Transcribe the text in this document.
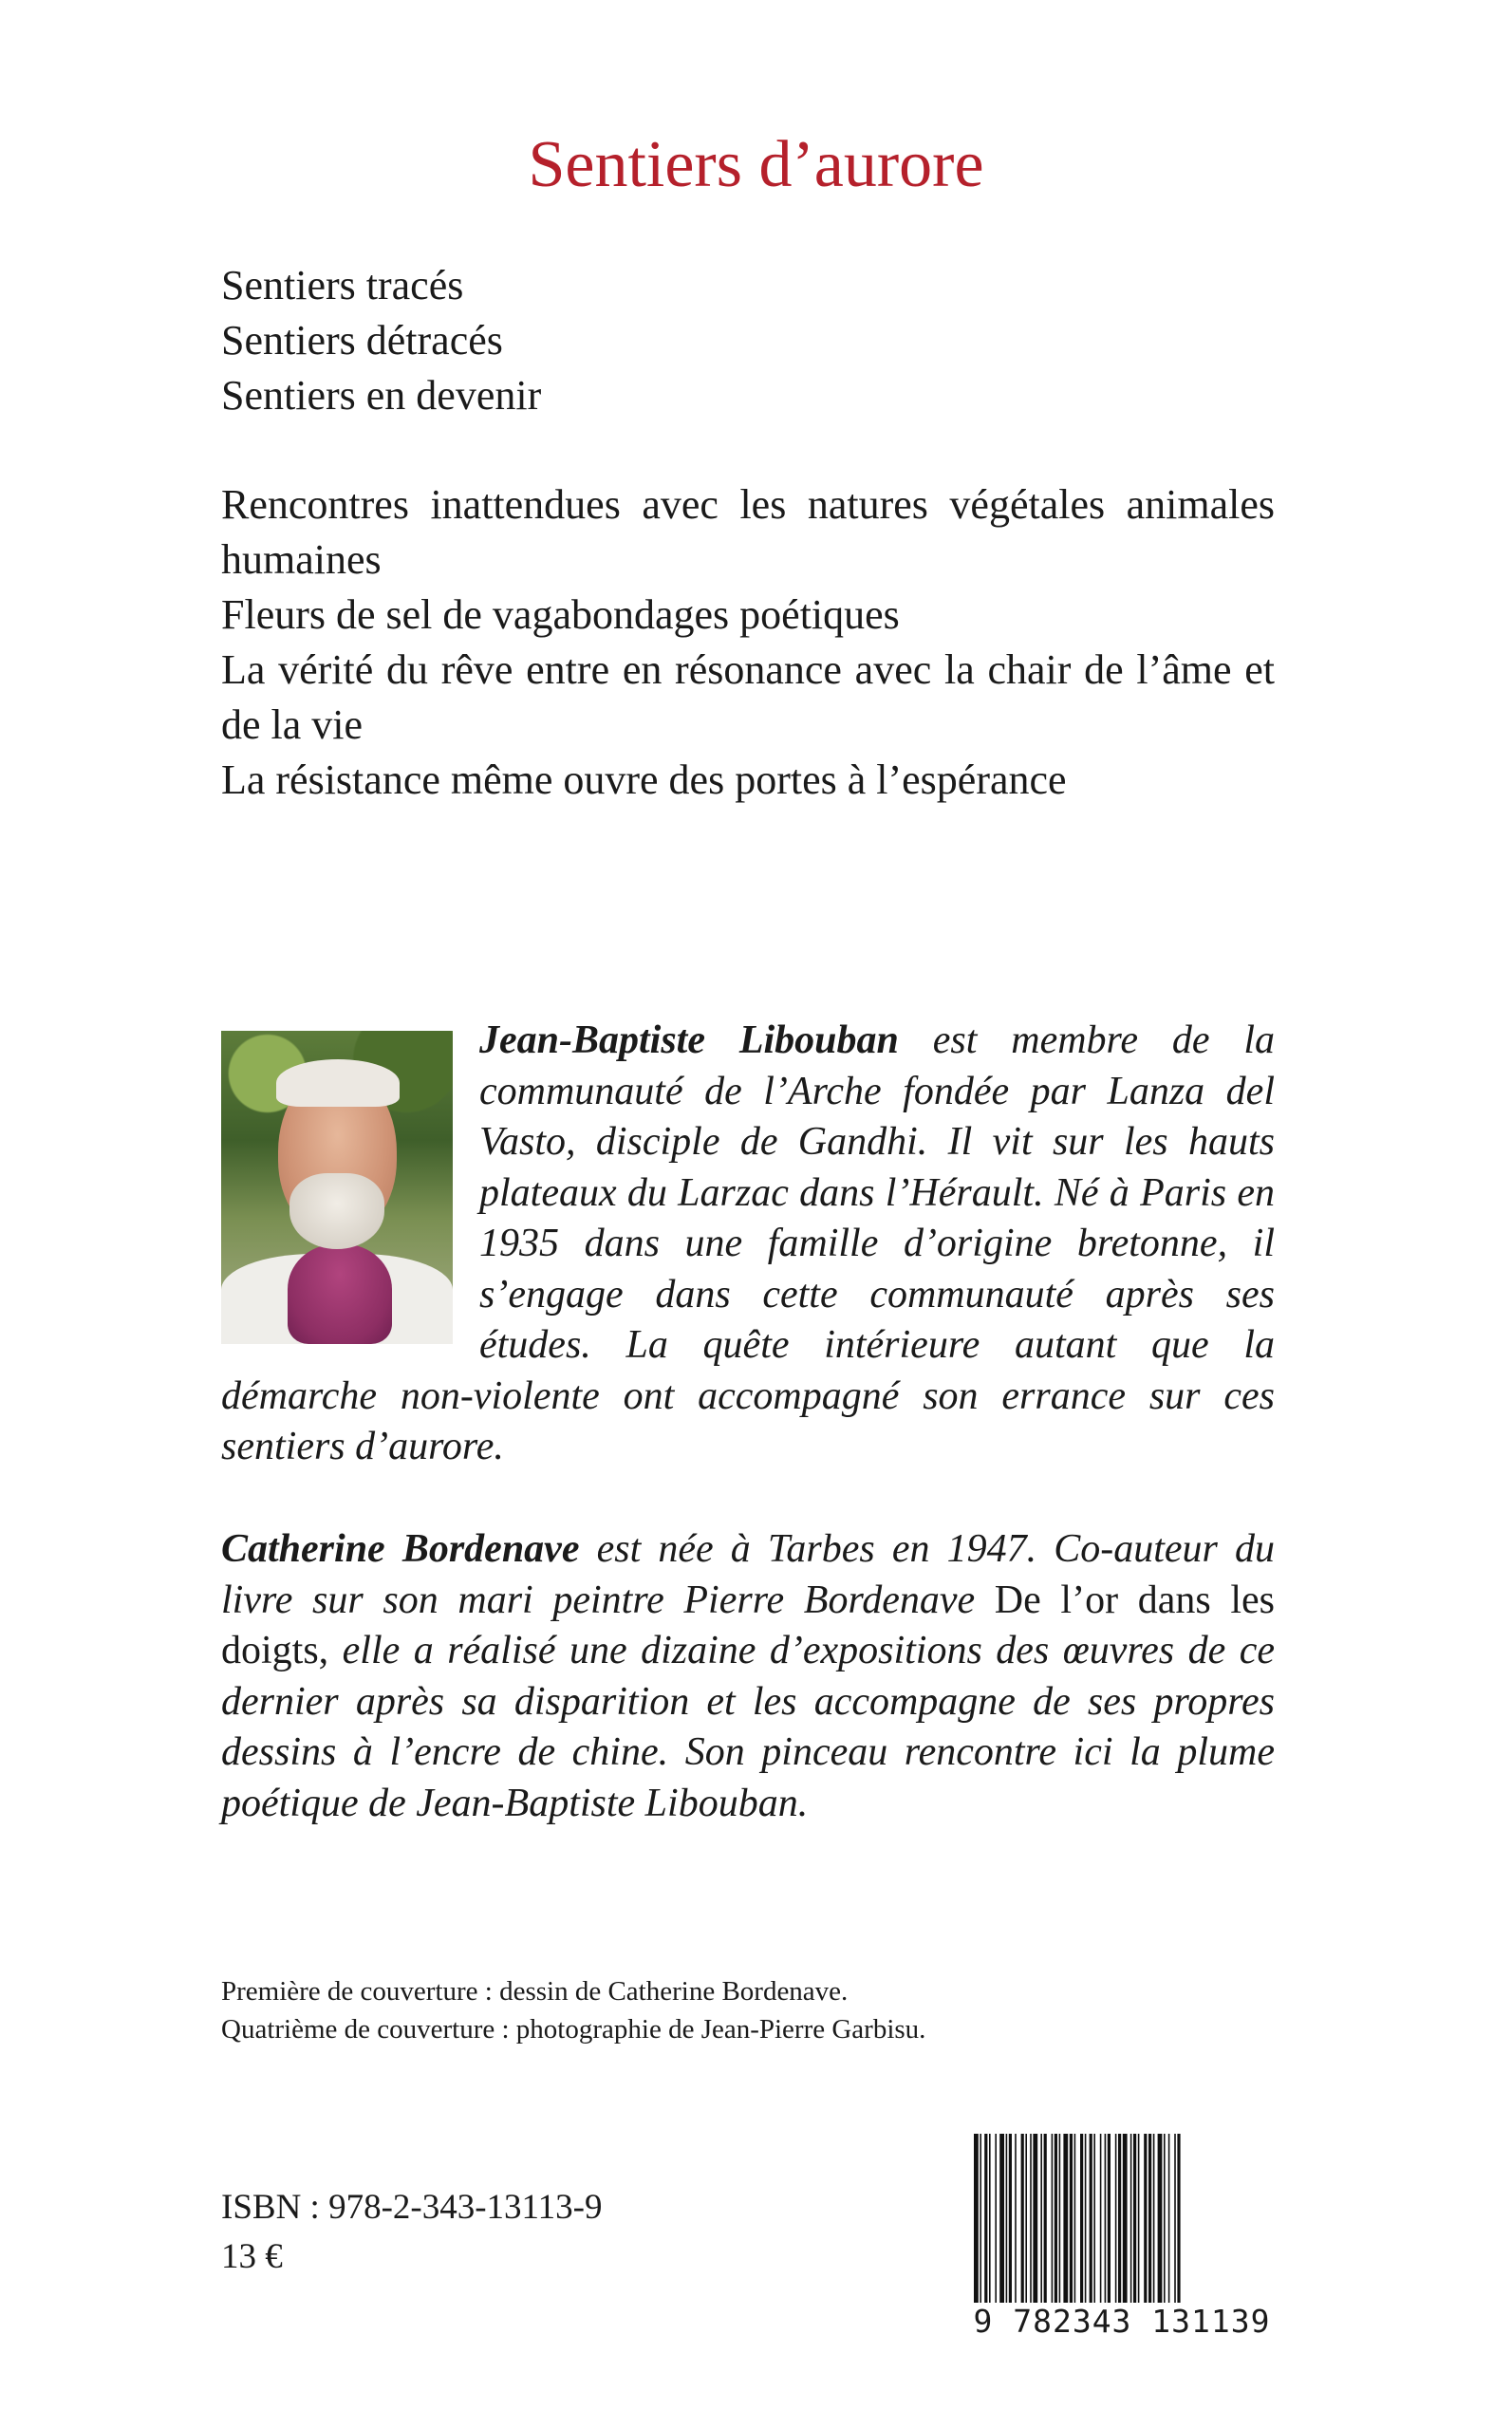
Sentiers d’aurore
Sentiers tracés
Sentiers détracés
Sentiers en devenir
Rencontres inattendues avec les natures végétales animales humaines
Fleurs de sel de vagabondages poétiques
La vérité du rêve entre en résonance avec la chair de l’âme et de la vie
La résistance même ouvre des portes à l’espérance
Jean-Baptiste Libouban est membre de la communauté de l’Arche fondée par Lanza del Vasto, disciple de Gandhi. Il vit sur les hauts plateaux du Larzac dans l’Hérault. Né à Paris en 1935 dans une famille d’origine bretonne, il s’engage dans cette communauté après ses études. La quête intérieure autant que la démarche non-violente ont accompagné son errance sur ces sentiers d’aurore.
Catherine Bordenave est née à Tarbes en 1947. Co-auteur du livre sur son mari peintre Pierre Bordenave De l’or dans les doigts, elle a réalisé une dizaine d’expositions des œuvres de ce dernier après sa disparition et les accompagne de ses propres dessins à l’encre de chine. Son pinceau rencontre ici la plume poétique de Jean-Baptiste Libouban.
Première de couverture : dessin de Catherine Bordenave.
Quatrième de couverture : photographie de Jean-Pierre Garbisu.
ISBN : 978-2-343-13113-9
13 €
9 782343 131139
